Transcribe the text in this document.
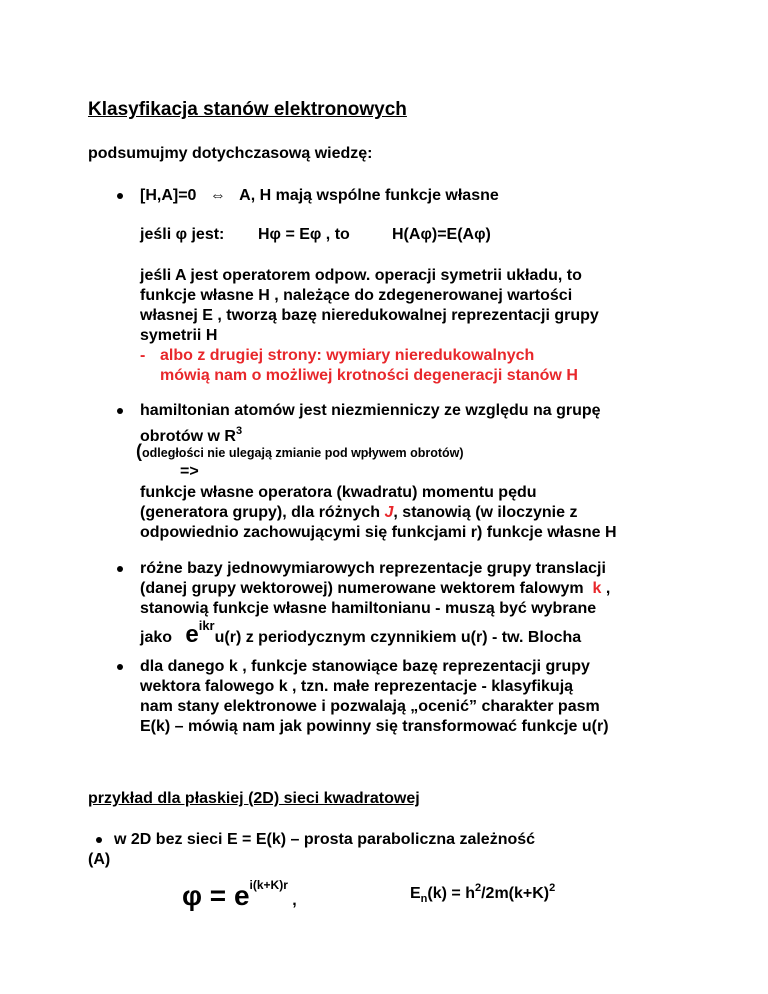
Klasyfikacja stanów elektronowych
podsumujmy dotychczasową wiedzę:
[H,A]=0 ⇔ A, H mają wspólne funkcje własne
jeśli φ jest: Hφ = Eφ , to	H(Aφ)=E(Aφ)
jeśli A jest operatorem odpow. operacji symetrii układu, to
funkcje własne H , należące do zdegenerowanej wartości
własnej E , tworzą bazę nieredukowalnej reprezentacji grupy
symetrii H
- albo z drugiej strony: wymiary nieredukowalnych
mówią nam o możliwej krotności degeneracji stanów H
hamiltonian atomów jest niezmienniczy ze względu na grupę
obrotów w $R^3$
(odległości nie ulegają zmianie pod wpływem obrotów)
=>
funkcje własne operatora (kwadratu) momentu pędu
(generatora grupy), dla różnych J, stanowią (w iloczynie z
odpowiednio zachowującymi się funkcjami r) funkcje własne H
różne bazy jednowymiarowych reprezentacje grupy translacji
(danej grupy wektorowej) numerowane wektorem falowym k ,
stanowią funkcje własne hamiltonianu - muszą być wybrane
jako $e^{ikr}u(r)$ z periodycznym czynnikiem u(r) - tw. Blocha
dla danego k , funkcje stanowiące bazę reprezentacji grupy
wektora falowego k , tzn. małe reprezentacje - klasyfikują
nam stany elektronowe i pozwalają „ocenić” charakter pasm
E(k) – mówią nam jak powinny się transformować funkcje u(r)
przykład dla płaskiej (2D) sieci kwadratowej
w 2D bez sieci E = E(k) – prosta paraboliczna zależność
(A)
$\varphi = e^{i(k+K)r}$ ,	$E_n(k) = h^2/2m(k+K)^2$
